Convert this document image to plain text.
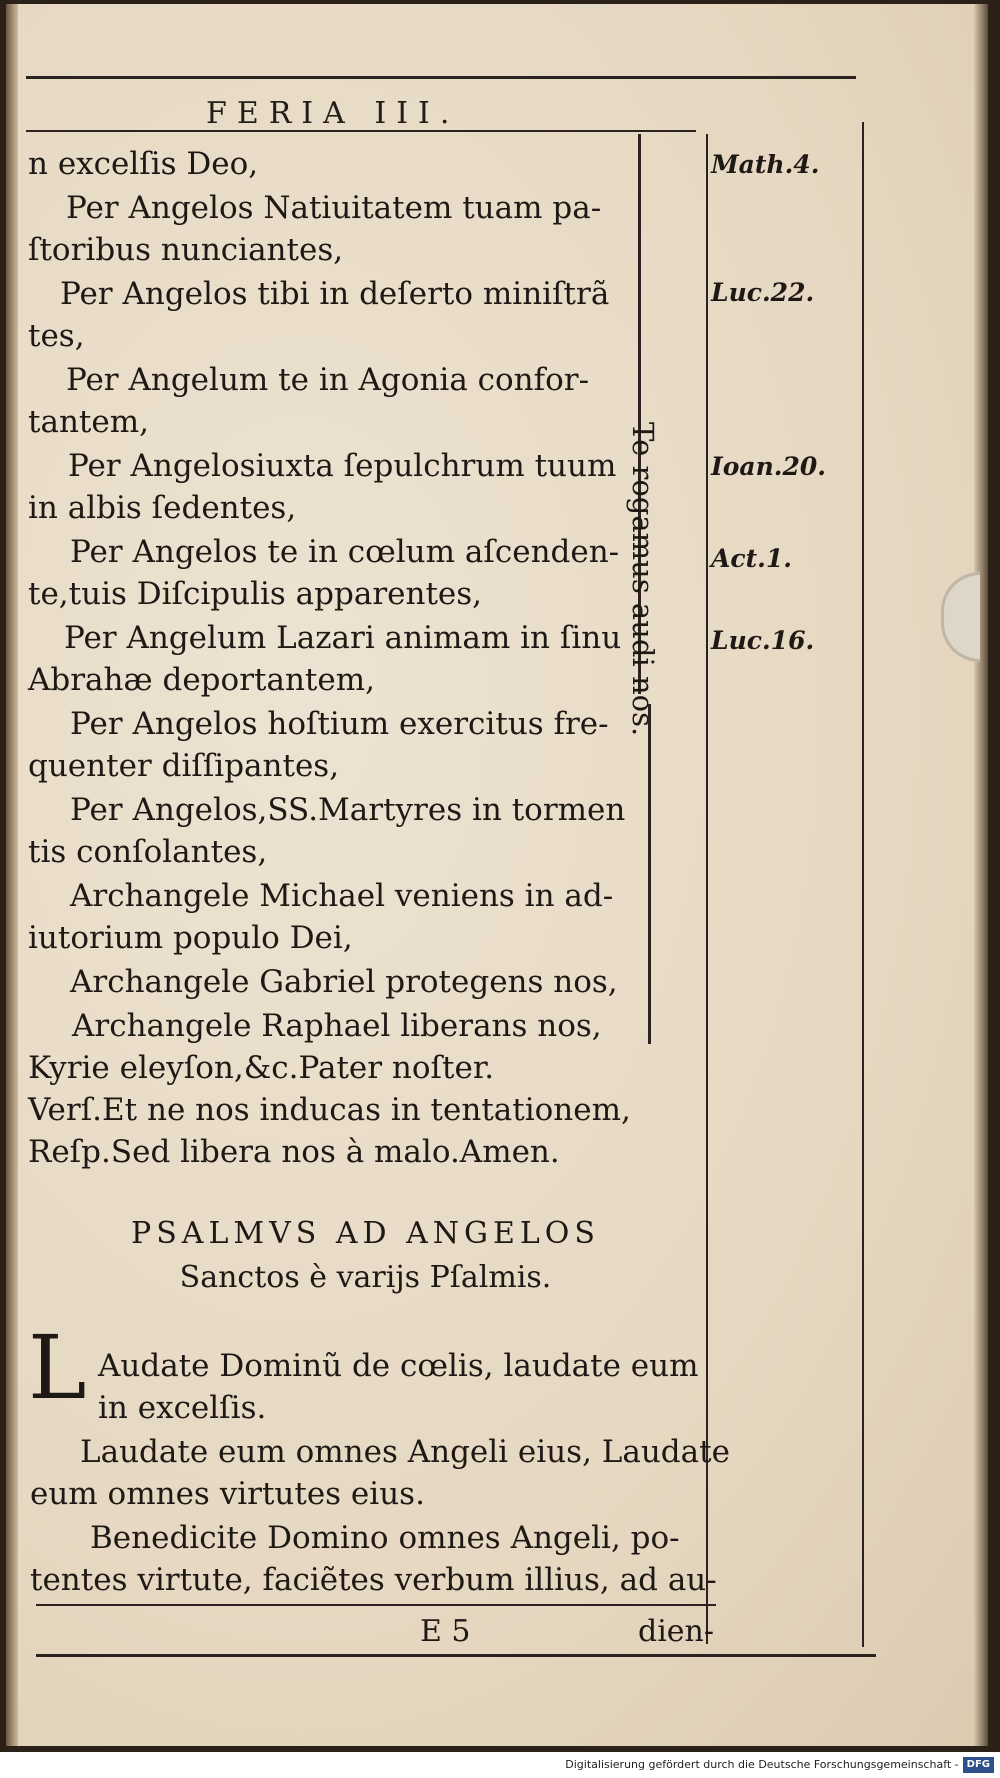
FERIA III.
n excelſis Deo,
Per Angelos Natiuitatem tuam pa-
ſtoribus nunciantes,
Per Angelos tibi in deſerto miniſtrã
tes,
Per Angelum te in Agonia confor-
tantem,
Per Angelosiuxta ſepulchrum tuum
in albis ſedentes,
Per Angelos te in cœlum aſcenden-
te,tuis Diſcipulis apparentes,
Per Angelum Lazari animam in ſinu
Abrahæ deportantem,
Per Angelos hoſtium exercitus fre-
quenter diſſipantes,
Per Angelos,SS.Martyres in tormen
tis conſolantes,
Archangele Michael veniens in ad-
iutorium populo Dei,
Archangele Gabriel protegens nos,
Archangele Raphael liberans nos,
Kyrie eleyſon,&c.Pater noſter.
Verſ.Et ne nos inducas in tentationem,
Reſp.Sed libera nos à malo.Amen.
Te rogamus audi nos.
Math.4.
Luc.22.
Ioan.20.
Act.1.
Luc.16.
PSALMVS AD ANGELOS
Sanctos è varijs Pſalmis.
L Audate Dominũ de cœlis, laudate eum
in excelſis.
Laudate eum omnes Angeli eius, Laudate
eum omnes virtutes eius.
Benedicite Domino omnes Angeli, po-
tentes virtute, faciẽtes verbum illius, ad au-
E 5	dien-
Digitalisierung gefördert durch die Deutsche Forschungsgemeinschaft - DFG
